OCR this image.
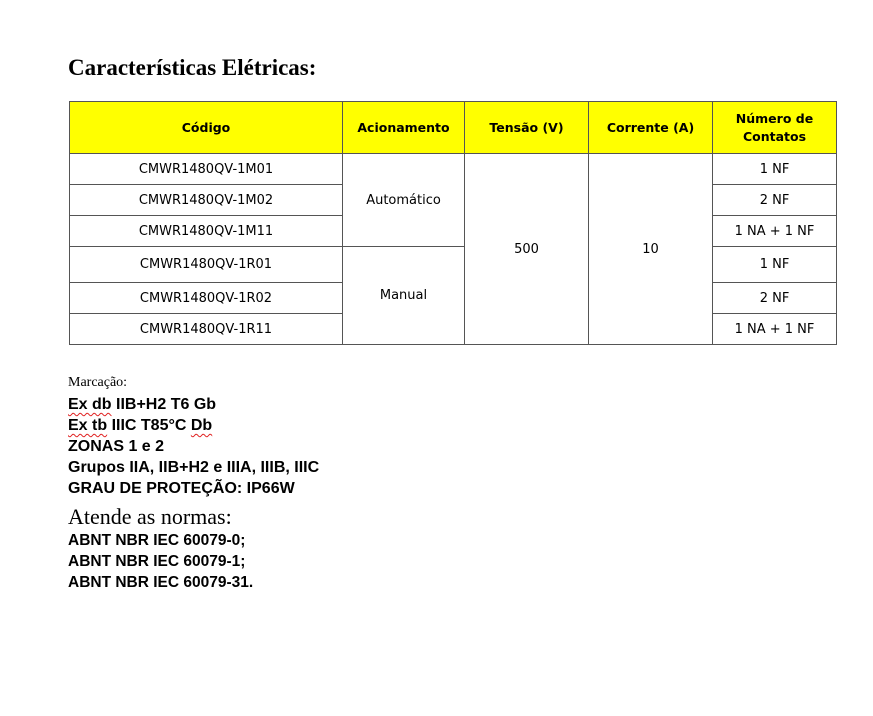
Características Elétricas:
Código	Acionamento	Tensão (V)	Corrente (A)	Número de
Contatos

CMWR1480QV-1M01	Automático	500	10	1 NF
CMWR1480QV-1M02				2 NF
CMWR1480QV-1M11				1 NA + 1 NF
CMWR1480QV-1R01	Manual			1 NF
CMWR1480QV-1R02				2 NF
CMWR1480QV-1R11				1 NA + 1 NF
Marcação:
Ex db IIB+H2 T6 Gb
Ex tb IIIC T85°C Db
ZONAS 1 e 2
Grupos IIA, IIB+H2 e IIIA, IIIB, IIIC
GRAU DE PROTEÇÃO: IP66W
Atende as normas:
ABNT NBR IEC 60079-0;
ABNT NBR IEC 60079-1;
ABNT NBR IEC 60079-31.
